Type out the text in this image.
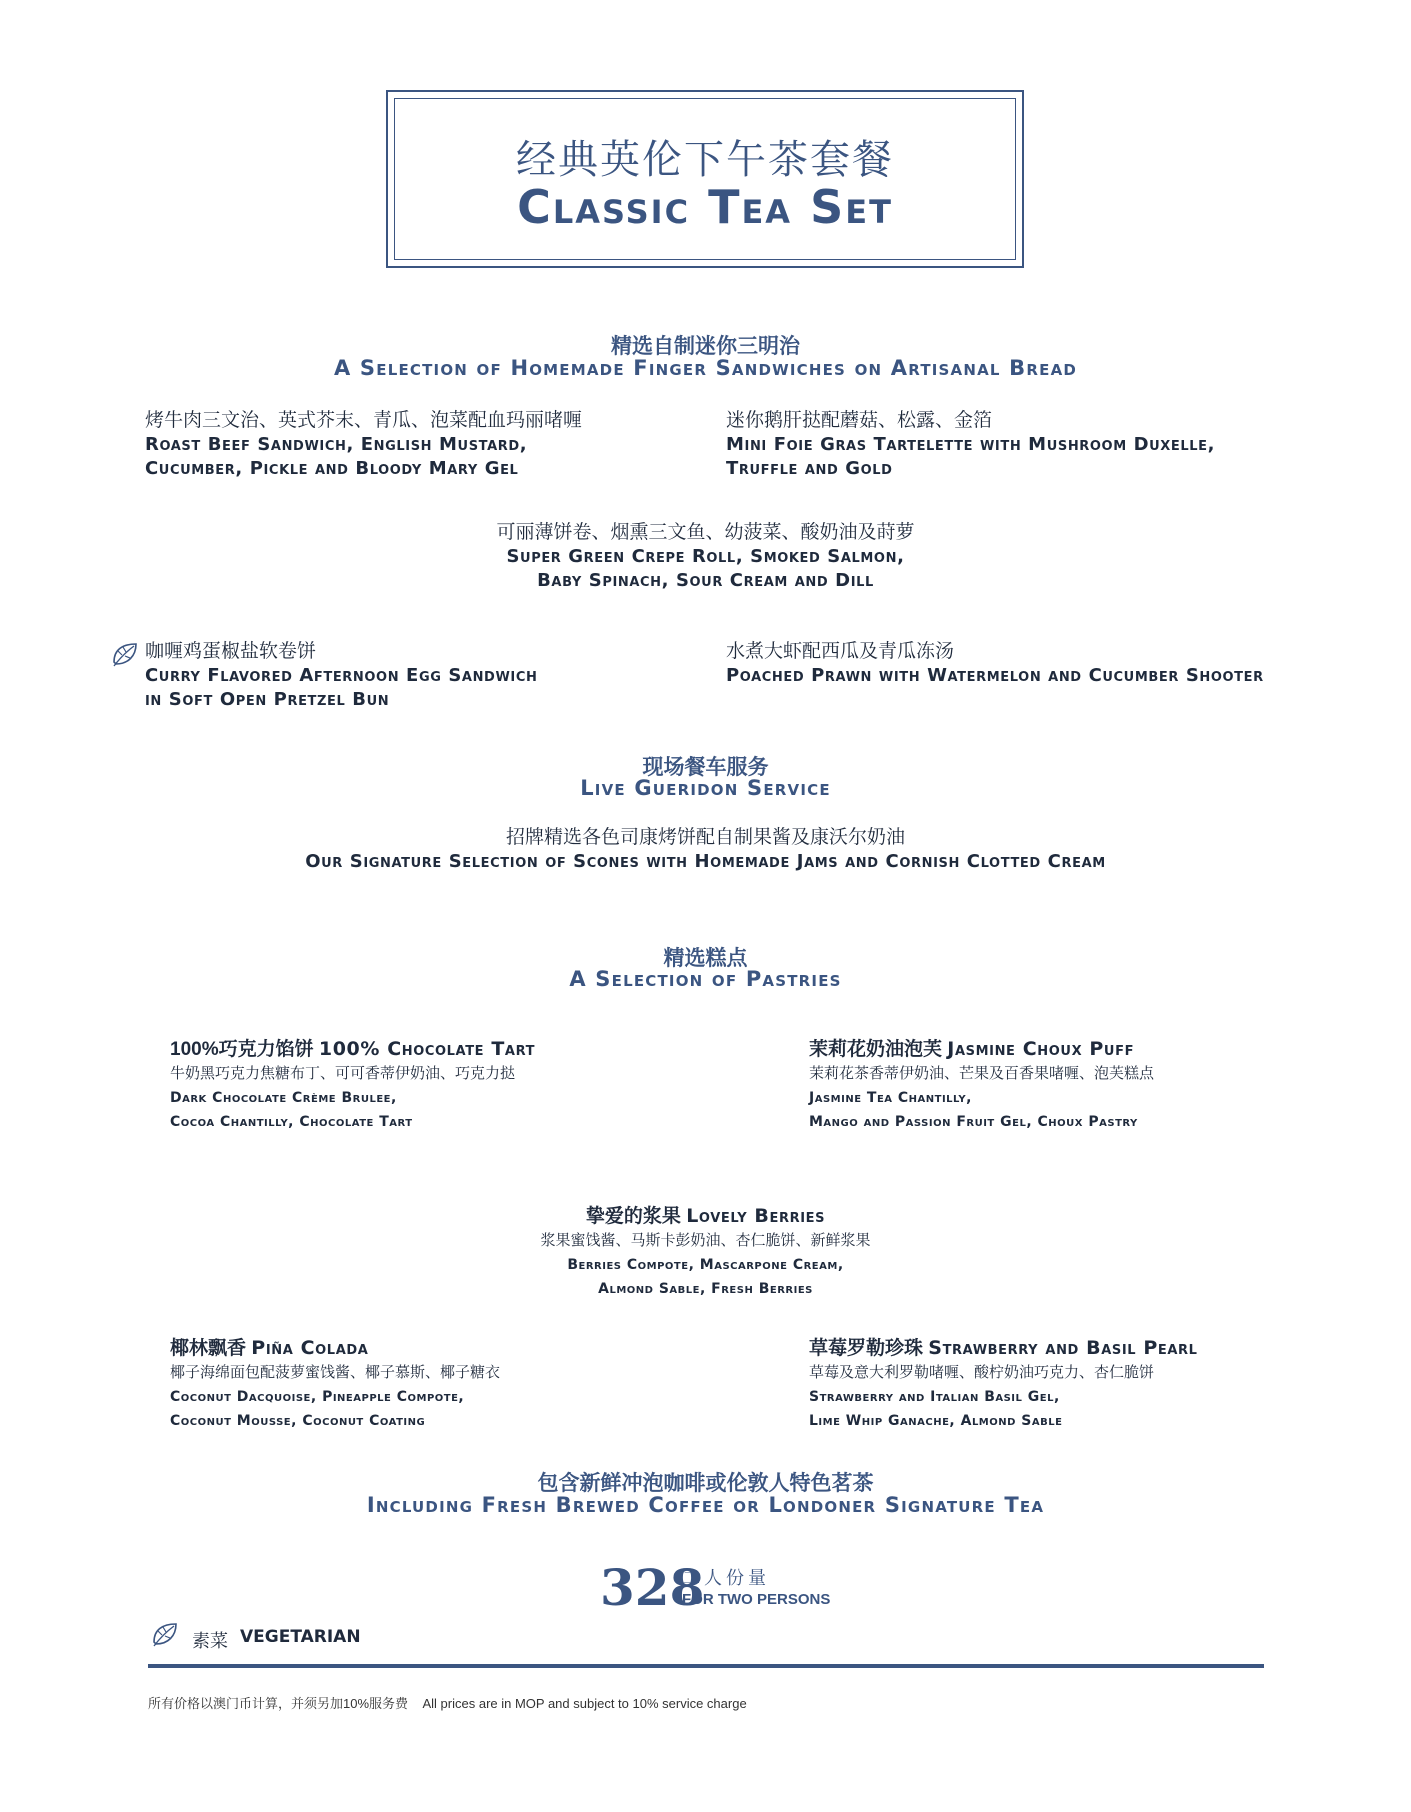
经典英伦下午茶套餐
Classic Tea Set
精选自制迷你三明治
A Selection of Homemade Finger Sandwiches on Artisanal Bread
烤牛肉三文治、英式芥末、青瓜、泡菜配血玛丽啫喱
Roast Beef Sandwich, English Mustard,
Cucumber, Pickle and Bloody Mary Gel
迷你鹅肝挞配蘑菇、松露、金箔
Mini Foie Gras Tartelette with Mushroom Duxelle,
Truffle and Gold
可丽薄饼卷、烟熏三文鱼、幼菠菜、酸奶油及莳萝
Super Green Crepe Roll, Smoked Salmon,
Baby Spinach, Sour Cream and Dill
咖喱鸡蛋椒盐软卷饼
Curry Flavored Afternoon Egg Sandwich
in Soft Open Pretzel Bun
水煮大虾配西瓜及青瓜冻汤
Poached Prawn with Watermelon and Cucumber Shooter
现场餐车服务
Live Gueridon Service
招牌精选各色司康烤饼配自制果酱及康沃尔奶油
Our Signature Selection of Scones with Homemade Jams and Cornish Clotted Cream
精选糕点
A Selection of Pastries
100%巧克力馅饼 100% Chocolate Tart
牛奶黑巧克力焦糖布丁、可可香蒂伊奶油、巧克力挞
Dark Chocolate Crème Brulee,
Cocoa Chantilly, Chocolate Tart
茉莉花奶油泡芙 Jasmine Choux Puff
茉莉花茶香蒂伊奶油、芒果及百香果啫喱、泡芙糕点
Jasmine Tea Chantilly,
Mango and Passion Fruit Gel, Choux Pastry
挚爱的浆果 Lovely Berries
浆果蜜饯酱、马斯卡彭奶油、杏仁脆饼、新鲜浆果
Berries Compote, Mascarpone Cream,
Almond Sable, Fresh Berries
椰林飘香 Piña Colada
椰子海绵面包配菠萝蜜饯酱、椰子慕斯、椰子糖衣
Coconut Dacquoise, Pineapple Compote,
Coconut Mousse, Coconut Coating
草莓罗勒珍珠 Strawberry and Basil Pearl
草莓及意大利罗勒啫喱、酸柠奶油巧克力、杏仁脆饼
Strawberry and Italian Basil Gel,
Lime Whip Ganache, Almond Sable
包含新鲜冲泡咖啡或伦敦人特色茗茶
Including Fresh Brewed Coffee or Londoner Signature Tea
328
二人份量
FOR TWO PERSONS
素菜 VEGETARIAN
所有价格以澳门币计算，并须另加10%服务费 All prices are in MOP and subject to 10% service charge
